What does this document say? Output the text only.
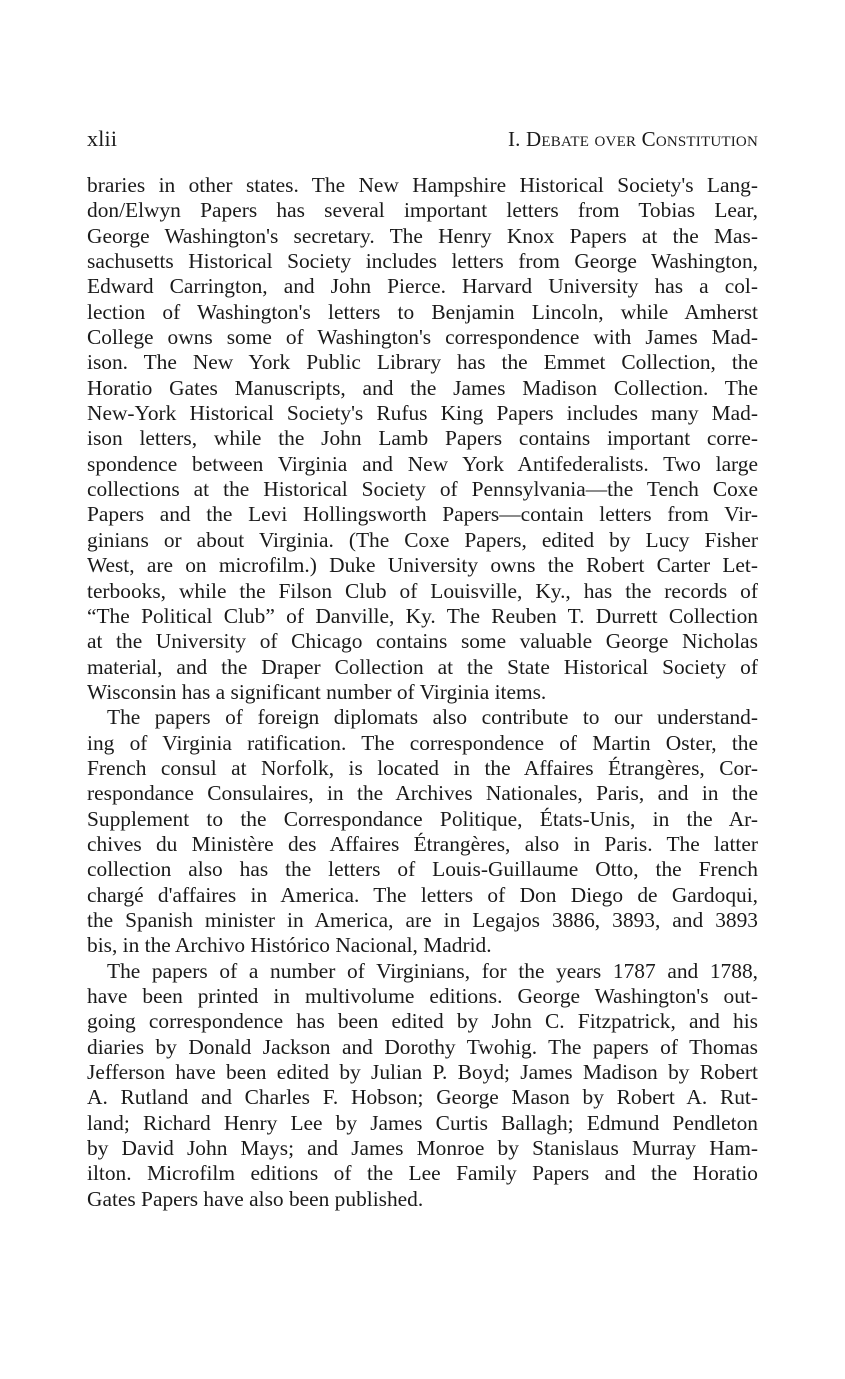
xlii	I. Debate over Constitution
braries in other states. The New Hampshire Historical Society's Lang-
don/Elwyn Papers has several important letters from Tobias Lear,
George Washington's secretary. The Henry Knox Papers at the Mas-
sachusetts Historical Society includes letters from George Washington,
Edward Carrington, and John Pierce. Harvard University has a col-
lection of Washington's letters to Benjamin Lincoln, while Amherst
College owns some of Washington's correspondence with James Mad-
ison. The New York Public Library has the Emmet Collection, the
Horatio Gates Manuscripts, and the James Madison Collection. The
New-York Historical Society's Rufus King Papers includes many Mad-
ison letters, while the John Lamb Papers contains important corre-
spondence between Virginia and New York Antifederalists. Two large
collections at the Historical Society of Pennsylvania—the Tench Coxe
Papers and the Levi Hollingsworth Papers—contain letters from Vir-
ginians or about Virginia. (The Coxe Papers, edited by Lucy Fisher
West, are on microfilm.) Duke University owns the Robert Carter Let-
terbooks, while the Filson Club of Louisville, Ky., has the records of
“The Political Club” of Danville, Ky. The Reuben T. Durrett Collection
at the University of Chicago contains some valuable George Nicholas
material, and the Draper Collection at the State Historical Society of
Wisconsin has a significant number of Virginia items.
The papers of foreign diplomats also contribute to our understand-
ing of Virginia ratification. The correspondence of Martin Oster, the
French consul at Norfolk, is located in the Affaires Étrangères, Cor-
respondance Consulaires, in the Archives Nationales, Paris, and in the
Supplement to the Correspondance Politique, États-Unis, in the Ar-
chives du Ministère des Affaires Étrangères, also in Paris. The latter
collection also has the letters of Louis-Guillaume Otto, the French
chargé d'affaires in America. The letters of Don Diego de Gardoqui,
the Spanish minister in America, are in Legajos 3886, 3893, and 3893
bis, in the Archivo Histórico Nacional, Madrid.
The papers of a number of Virginians, for the years 1787 and 1788,
have been printed in multivolume editions. George Washington's out-
going correspondence has been edited by John C. Fitzpatrick, and his
diaries by Donald Jackson and Dorothy Twohig. The papers of Thomas
Jefferson have been edited by Julian P. Boyd; James Madison by Robert
A. Rutland and Charles F. Hobson; George Mason by Robert A. Rut-
land; Richard Henry Lee by James Curtis Ballagh; Edmund Pendleton
by David John Mays; and James Monroe by Stanislaus Murray Ham-
ilton. Microfilm editions of the Lee Family Papers and the Horatio
Gates Papers have also been published.
